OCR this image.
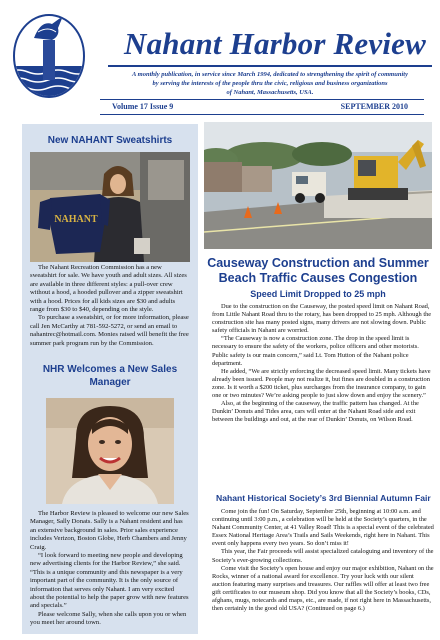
Nahant Harbor Review
A monthly publication, in service since March 1994, dedicated to strengthening the spirit of community
by serving the interests of the people thru the civic, religious and business organizations
of Nahant, Massachusetts, USA.
Volume 17 Issue 9	SEPTEMBER 2010
New NAHANT Sweatshirts
NAHANT

The Nahant Recreation Commission has a new sweatshirt for sale. We have youth and adult sizes. All sizes are available in three different styles: a pull-over crew without a hood, a hooded pullover and a zipper sweatshirt with a hood. Prices for all kids sizes are $30 and adults range from $30 to $40, depending on the style.

To purchase a sweatshirt, or for more information, please call Jen McCarthy at 781-592-5272, or send an email to nahantrec@hotmail.com. Monies raised will benefit the free summer park program run by the Commission.

NHR Welcomes a New Sales
Manager

The Harbor Review is pleased to welcome our new Sales Manager, Sally Donats. Sally is a Nahant resident and has an extensive background in sales. Prior sales experience includes Verizon, Boston Globe, Herb Chambers and Jenny Craig.

“I look forward to meeting new people and developing new advertising clients for the Harbor Review,” she said. “This is a unique community and this newspaper is a very important part of the community. It is the only source of information that serves only Nahant. I am very excited about the potential to help the paper grow with new features and specials.”

Please welcome Sally, when she calls upon you or when you meet her around town.

Causeway Construction and Summer
Beach Traffic Causes Congestion
Speed Limit Dropped to 25 mph

Due to the construction on the Causeway, the posted speed limit on Nahant Road, from Little Nahant Road thru to the rotary, has been dropped to 25 mph. Although the construction site has many posted signs, many drivers are not slowing down. Public safety officials in Nahant are worried.

“The Causeway is now a construction zone. The drop in the speed limit is necessary to ensure the safety of the workers, police officers and other motorists. Public safety is our main concern,” said Lt. Tom Hutton of the Nahant police department.

He added, “We are strictly enforcing the decreased speed limit. Many tickets have already been issued. People may not realize it, but fines are doubled in a construction zone. Is it worth a $200 ticket, plus surcharges from the insurance company, to gain one or two minutes? We’re asking people to just slow down and enjoy the scenery.”

Also, at the beginning of the causeway, the traffic pattern has changed. At the Dunkin’ Donuts and Tides area, cars will enter at the Nahant Road side and exit between the buildings and out, at the rear of Dunkin’ Donuts, on Wilson Road.

Nahant Historical Society’s 3rd Biennial Autumn Fair

Come join the fun! On Saturday, September 25th, beginning at 10:00 a.m. and continuing until 3:00 p.m., a celebration will be held at the Society’s quarters, in the Nahant Community Center, at 41 Valley Road! This is a special event of the celebrated Essex National Heritage Area’s Trails and Sails Weekends, right here in Nahant. This event only happens every two years. So don’t miss it!

This year, the Fair proceeds will assist specialized cataloguing and inventory of the Society’s ever-growing collections.

Come visit the Society’s open house and enjoy our major exhibition, Nahant on the Rocks, winner of a national award for excellence. Try your luck with our silent auction featuring many surprises and treasures. Our raffles will offer at least two free gift certificates to our museum shop. Did you know that all the Society’s books, CDs, afghans, mugs, notecards and maps, etc., are made, if not right here in Massachusetts, then certainly in the good old USA? (Continued on page 6.)
